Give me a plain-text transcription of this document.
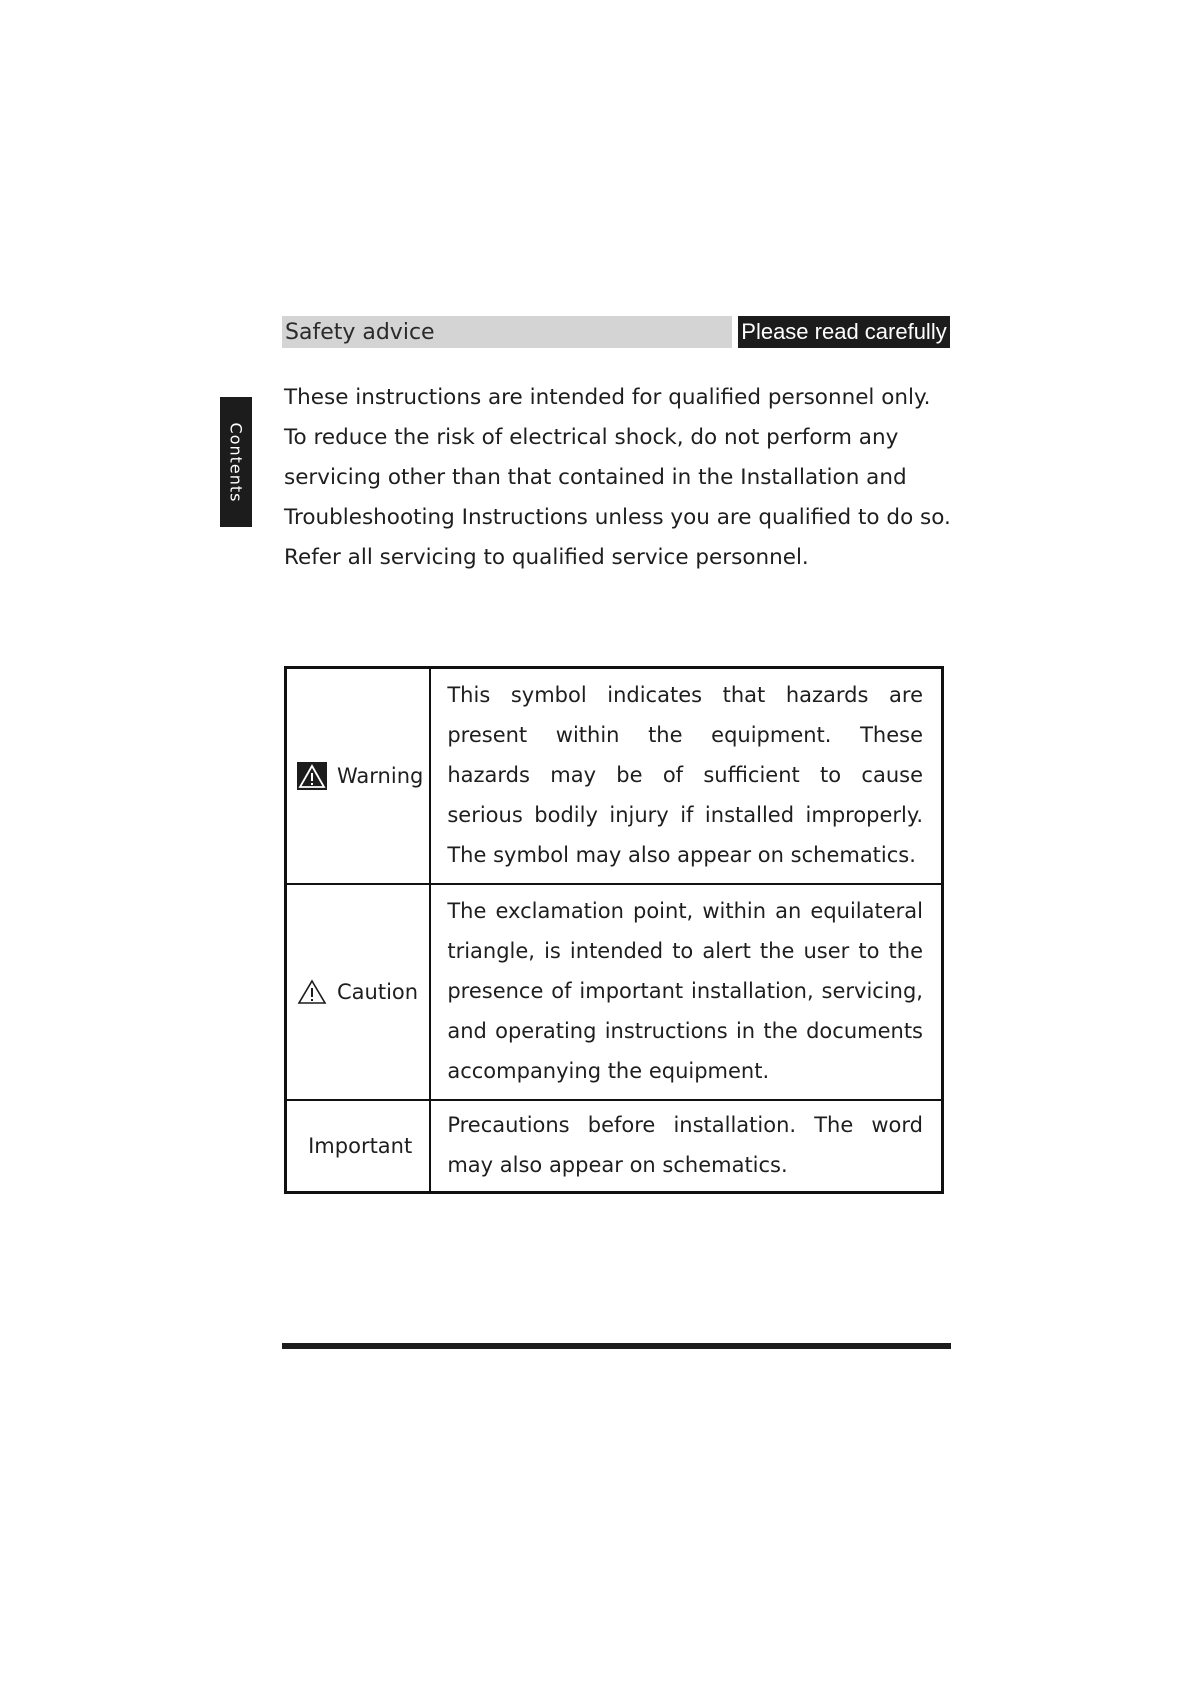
Safety advice	Please read carefully
Contents

These instructions are intended for qualified personnel only.

To reduce the risk of electrical shock, do not perform any servicing other than that contained in the Installation and Troubleshooting Instructions unless you are qualified to do so. Refer all servicing to qualified service personnel.

Warning	This symbol indicates that hazards are present within the equipment. These hazards may be of sufficient to cause serious bodily injury if installed improperly. The symbol may also appear on schematics.

Caution	The exclamation point, within an equilateral triangle, is intended to alert the user to the presence of important installation, servicing, and operating instructions in the documents accompanying the equipment.

Important	Precautions before installation. The word may also appear on schematics.
